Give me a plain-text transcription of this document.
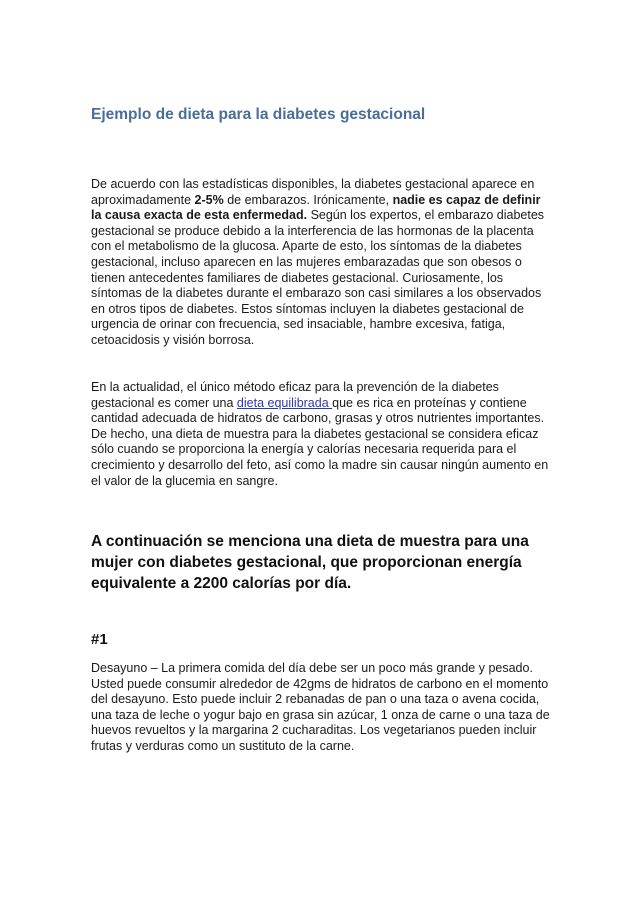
Ejemplo de dieta para la diabetes gestacional

De acuerdo con las estadísticas disponibles, la diabetes gestacional aparece en aproximadamente 2-5% de embarazos. Irónicamente, nadie es capaz de definir la causa exacta de esta enfermedad. Según los expertos, el embarazo diabetes gestacional se produce debido a la interferencia de las hormonas de la placenta con el metabolismo de la glucosa. Aparte de esto, los síntomas de la diabetes gestacional, incluso aparecen en las mujeres embarazadas que son obesos o tienen antecedentes familiares de diabetes gestacional. Curiosamente, los síntomas de la diabetes durante el embarazo son casi similares a los observados en otros tipos de diabetes. Estos síntomas incluyen la diabetes gestacional de urgencia de orinar con frecuencia, sed insaciable, hambre excesiva, fatiga, cetoacidosis y visión borrosa.

En la actualidad, el único método eficaz para la prevención de la diabetes gestacional es comer una dieta equilibrada que es rica en proteínas y contiene cantidad adecuada de hidratos de carbono, grasas y otros nutrientes importantes. De hecho, una dieta de muestra para la diabetes gestacional se considera eficaz sólo cuando se proporciona la energía y calorías necesaria requerida para el crecimiento y desarrollo del feto, así como la madre sin causar ningún aumento en el valor de la glucemia en sangre.

A continuación se menciona una dieta de muestra para una mujer con diabetes gestacional, que proporcionan energía equivalente a 2200 calorías por día.
#1

Desayuno – La primera comida del día debe ser un poco más grande y pesado. Usted puede consumir alrededor de 42gms de hidratos de carbono en el momento del desayuno. Esto puede incluir 2 rebanadas de pan o una taza o avena cocida, una taza de leche o yogur bajo en grasa sin azúcar, 1 onza de carne o una taza de huevos revueltos y la margarina 2 cucharaditas. Los vegetarianos pueden incluir frutas y verduras como un sustituto de la carne.
